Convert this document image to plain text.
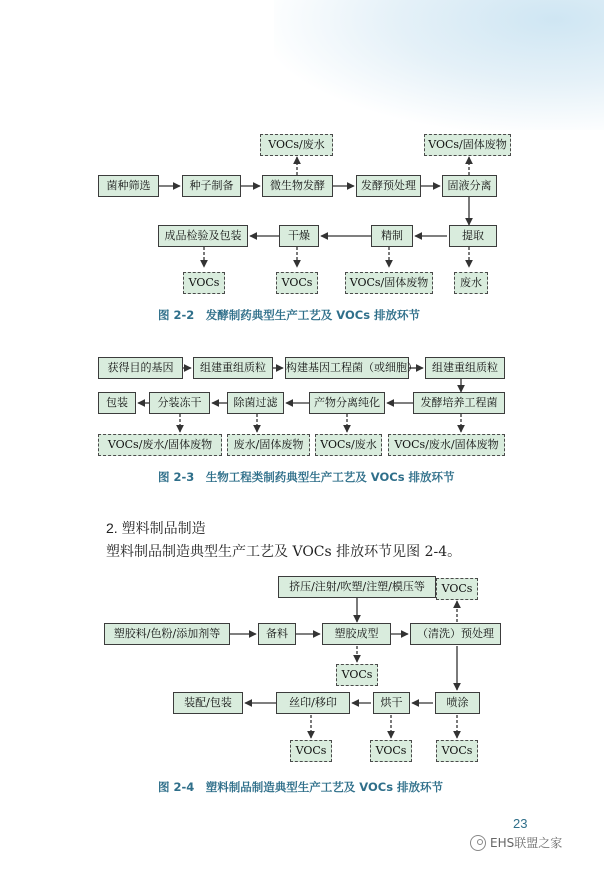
菌种筛选	种子制备	微生物发酵	发酵预处理	固液分离
提取
精制
干燥
成品检验及包装
VOCs/废水	VOCs/固体废物
VOCs	VOCs	VOCs/固体废物	废水
图 2-2　发酵制药典型生产工艺及 VOCs 排放环节
获得目的基因	组建重组质粒	构建基因工程菌（或细胞）	组建重组质粒
发酵培养工程菌
产物分离纯化
除菌过滤
分装冻干
包装
VOCs/废水/固体废物	废水/固体废物	VOCs/废水	VOCs/废水/固体废物
图 2-3　生物工程类制药典型生产工艺及 VOCs 排放环节
2. 塑料制品制造
塑料制品制造典型生产工艺及 VOCs 排放环节见图 2-4。
挤压/注射/吹塑/注塑/模压等
塑胶料/色粉/添加剂等	备料	塑胶成型	（清洗）预处理
喷涂
烘干
丝印/移印
装配/包装
VOCs
VOCs
VOCs	VOCs	VOCs
图 2-4　塑料制品制造典型生产工艺及 VOCs 排放环节
23
EHS联盟之家
